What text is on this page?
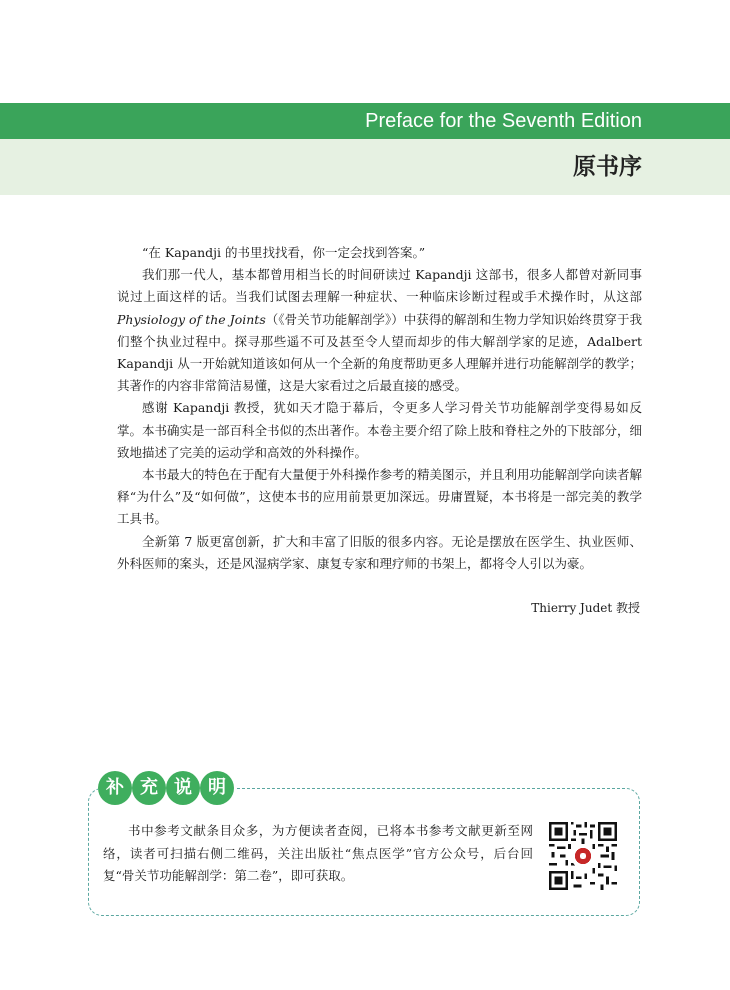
Preface for the Seventh Edition
原书序

“在 Kapandji 的书里找找看，你一定会找到答案。”

我们那一代人，基本都曾用相当长的时间研读过 Kapandji 这部书，很多人都曾对新同事说过上面这样的话。当我们试图去理解一种症状、一种临床诊断过程或手术操作时，从这部 Physiology of the Joints（《骨关节功能解剖学》）中获得的解剖和生物力学知识始终贯穿于我们整个执业过程中。探寻那些遥不可及甚至令人望而却步的伟大解剖学家的足迹，Adalbert Kapandji 从一开始就知道该如何从一个全新的角度帮助更多人理解并进行功能解剖学的教学；其著作的内容非常简洁易懂，这是大家看过之后最直接的感受。

感谢 Kapandji 教授，犹如天才隐于幕后，令更多人学习骨关节功能解剖学变得易如反掌。本书确实是一部百科全书似的杰出著作。本卷主要介绍了除上肢和脊柱之外的下肢部分，细致地描述了完美的运动学和高效的外科操作。

本书最大的特色在于配有大量便于外科操作参考的精美图示，并且利用功能解剖学向读者解释“为什么”及“如何做”，这使本书的应用前景更加深远。毋庸置疑，本书将是一部完美的教学工具书。

全新第 7 版更富创新，扩大和丰富了旧版的很多内容。无论是摆放在医学生、执业医师、外科医师的案头，还是风湿病学家、康复专家和理疗师的书架上，都将令人引以为豪。

Thierry Judet 教授
补 充 说 明

书中参考文献条目众多，为方便读者查阅，已将本书参考文献更新至网络，读者可扫描右侧二维码，关注出版社“焦点医学”官方公众号，后台回复“骨关节功能解剖学：第二卷”，即可获取。
